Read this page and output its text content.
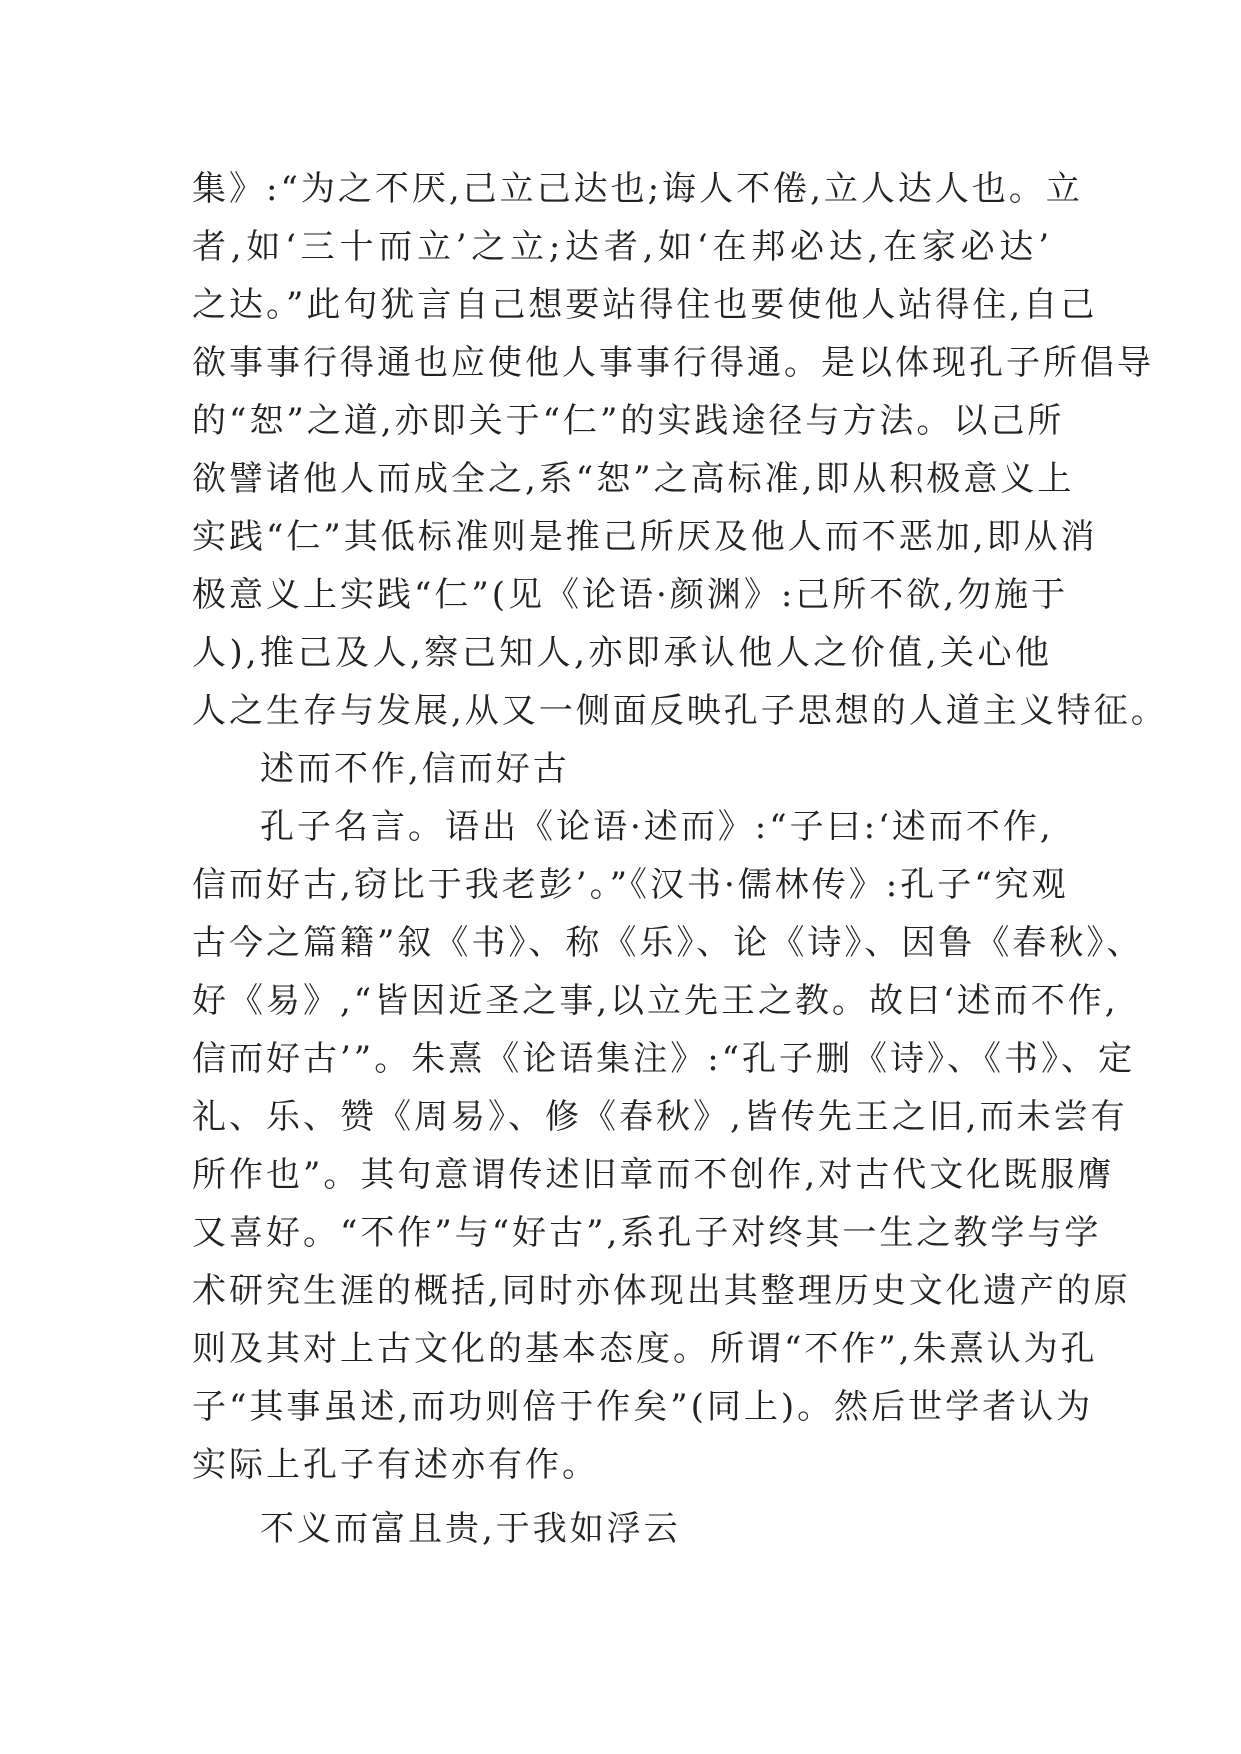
集》:“为之不厌,己立己达也;诲人不倦,立人达人也。立
者,如‘三十而立’之立;达者,如‘在邦必达,在家必达’
之达。”此句犹言自己想要站得住也要使他人站得住,自己
欲事事行得通也应使他人事事行得通。是以体现孔子所倡导
的“恕”之道,亦即关于“仁”的实践途径与方法。以己所
欲譬诸他人而成全之,系“恕”之高标准,即从积极意义上
实践“仁”其低标准则是推己所厌及他人而不恶加,即从消
极意义上实践“仁”(见《论语·颜渊》:己所不欲,勿施于
人),推己及人,察己知人,亦即承认他人之价值,关心他
人之生存与发展,从又一侧面反映孔子思想的人道主义特征。
述而不作,信而好古
孔子名言。语出《论语·述而》:“子曰:‘述而不作,
信而好古,窃比于我老彭’。”《汉书·儒林传》:孔子“究观
古今之篇籍”叙《书》、称《乐》、论《诗》、因鲁《春秋》、
好《易》,“皆因近圣之事,以立先王之教。故曰‘述而不作,
信而好古’”。朱熹《论语集注》:“孔子删《诗》、《书》、定
礼、乐、赞《周易》、修《春秋》,皆传先王之旧,而未尝有
所作也”。其句意谓传述旧章而不创作,对古代文化既服膺
又喜好。“不作”与“好古”,系孔子对终其一生之教学与学
术研究生涯的概括,同时亦体现出其整理历史文化遗产的原
则及其对上古文化的基本态度。所谓“不作”,朱熹认为孔
子“其事虽述,而功则倍于作矣”(同上)。然后世学者认为
实际上孔子有述亦有作。
不义而富且贵,于我如浮云
